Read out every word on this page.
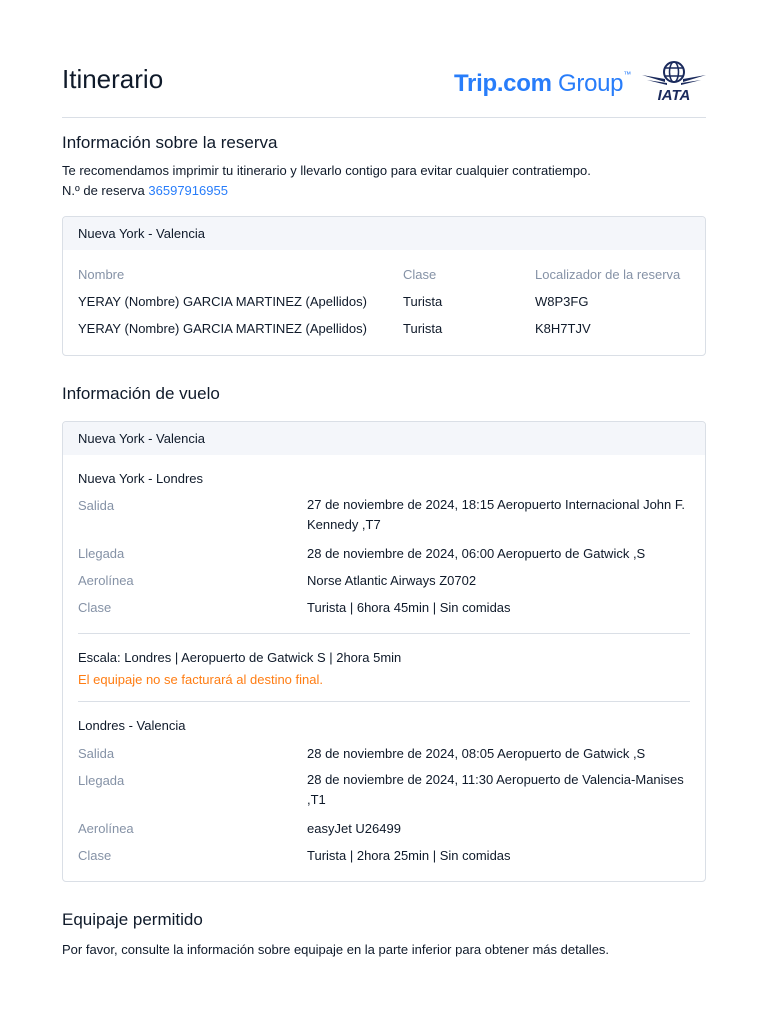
Itinerario	Trip.com Group™
IATA
Información sobre la reserva
Te recomendamos imprimir tu itinerario y llevarlo contigo para evitar cualquier contratiempo.
N.º de reserva 36597916955
Nueva York - Valencia
Nombre	Clase	Localizador de la reserva
YERAY (Nombre) GARCIA MARTINEZ (Apellidos)	Turista	W8P3FG
YERAY (Nombre) GARCIA MARTINEZ (Apellidos)	Turista	K8H7TJV
Información de vuelo
Nueva York - Valencia
Nueva York - Londres
Salida	27 de noviembre de 2024, 18:15 Aeropuerto Internacional John F. Kennedy ,T7
Llegada	28 de noviembre de 2024, 06:00 Aeropuerto de Gatwick ,S
Aerolínea	Norse Atlantic Airways Z0702
Clase	Turista | 6hora 45min | Sin comidas
Escala: Londres | Aeropuerto de Gatwick S | 2hora 5min
El equipaje no se facturará al destino final.
Londres - Valencia
Salida	28 de noviembre de 2024, 08:05 Aeropuerto de Gatwick ,S
Llegada	28 de noviembre de 2024, 11:30 Aeropuerto de Valencia-Manises ,T1
Aerolínea	easyJet U26499
Clase	Turista | 2hora 25min | Sin comidas
Equipaje permitido
Por favor, consulte la información sobre equipaje en la parte inferior para obtener más detalles.
